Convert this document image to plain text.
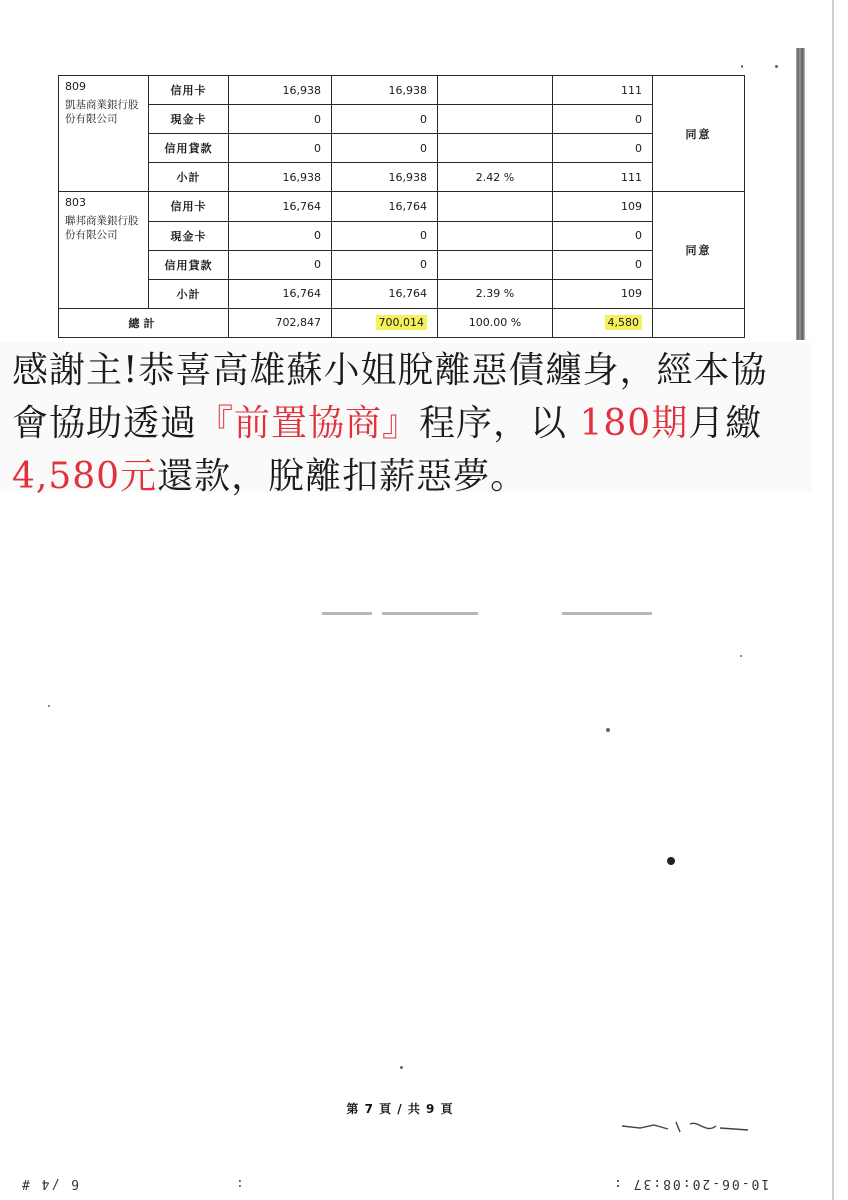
809
凱基商業銀行股份有限公司	信用卡	16,938	16,938		111	同意
	現金卡	0	0		0	
	信用貸款	0	0		0	
	小計	16,938	16,938	2.42 %	111	

803
聯邦商業銀行股份有限公司	信用卡	16,764	16,764		109	同意
	現金卡	0	0		0	
	信用貸款	0	0		0	
	小計	16,764	16,764	2.39 %	109	
總計		702,847	700,014	100.00 %	4,580	
感謝主!恭喜高雄蘇小姐脫離惡債纏身，經本協會協助透過『前置協商』程序，以 180期月繳 4,580元還款，脫離扣薪惡夢。
第 7 頁 / 共 9 頁
6 /4 #	:	10-06-20:08:37 :
